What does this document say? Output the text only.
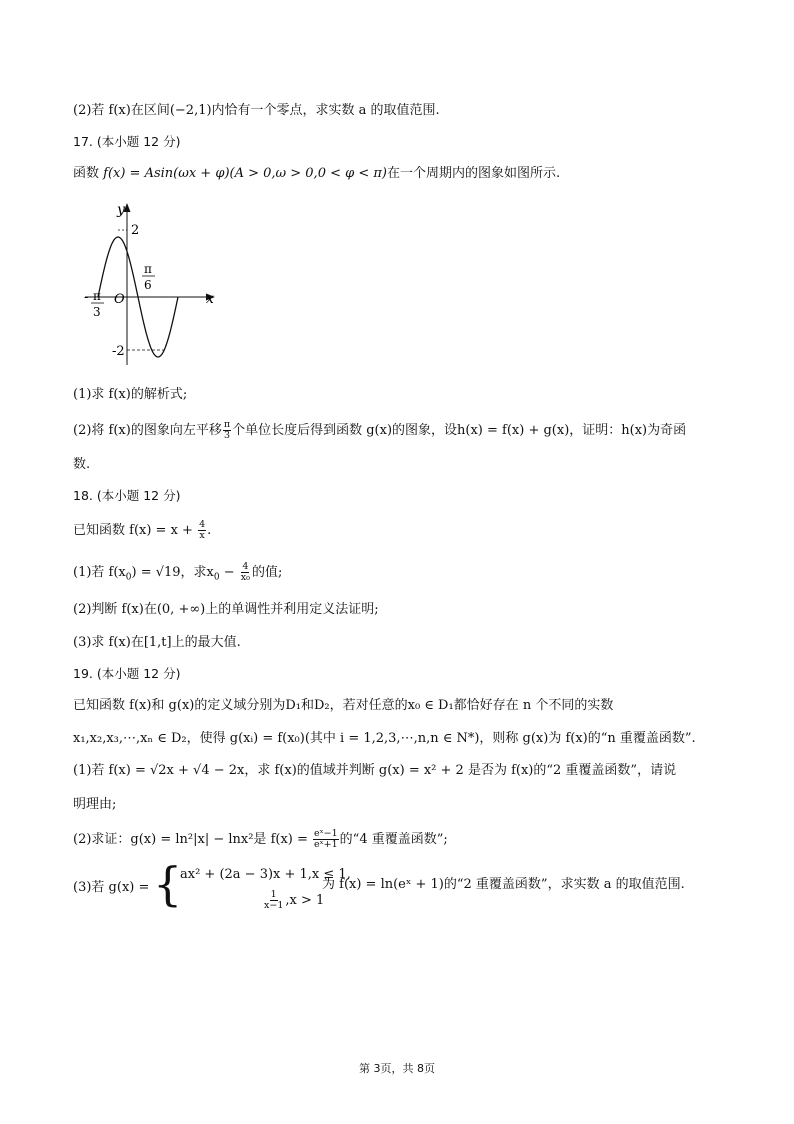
(2)若 f(x)在区间(−2,1)内恰有一个零点，求实数 a 的取值范围.
17. (本小题 12 分)
函数 f(x) = Asin(ωx + φ)(A > 0,ω > 0,0 < φ < π)在一个周期内的图象如图所示.
y
x
O
2
-2
- π
3
π
6
(1)求 f(x)的解析式;
(2)将 f(x)的图象向左平移 $\frac{\pi}{3}$ 个单位长度后得到函数 g(x)的图象，设h(x) = f(x) + g(x)，证明：h(x)为奇函
数.
18. (本小题 12 分)
已知函数 $f(x) = x + \frac{4}{x}$ .
(1)若 $f(x_0) = √19$，求$x_0 - \frac{4}{\text{x₀}}$ 的值;
(2)判断 f(x)在(0, +∞)上的单调性并利用定义法证明;
(3)求 f(x)在[1,t]上的最大值.
19. (本小题 12 分)
已知函数 f(x)和 g(x)的定义域分别为D₁和D₂，若对任意的x₀ ∈ D₁都恰好存在 n 个不同的实数
x₁,x₂,x₃,⋯,xₙ ∈ D₂，使得 g(xᵢ) = f(x₀)(其中 i = 1,2,3,⋯,n,n ∈ N*)，则称 g(x)为 f(x)的“n 重覆盖函数”.
(1)若 f(x) = √2x + √4 − 2x，求 f(x)的值域并判断 g(x) = x² + 2 是否为 f(x)的“2 重覆盖函数”，请说
明理由;
(2)求证：g(x) = ln²|x| − lnx²是 $f(x) = \frac{\text{eˣ−1}}{\text{eˣ+1}}$ 的“4 重覆盖函数”;
(3)若 g(x) = {
ax² + (2a − 3)x + 1,x ≤ 1,
$\frac{1}{x-1} ,x > 1$
为 f(x) = ln(eˣ + 1)的“2 重覆盖函数”，求实数 a 的取值范围.
第 3页，共 8页
